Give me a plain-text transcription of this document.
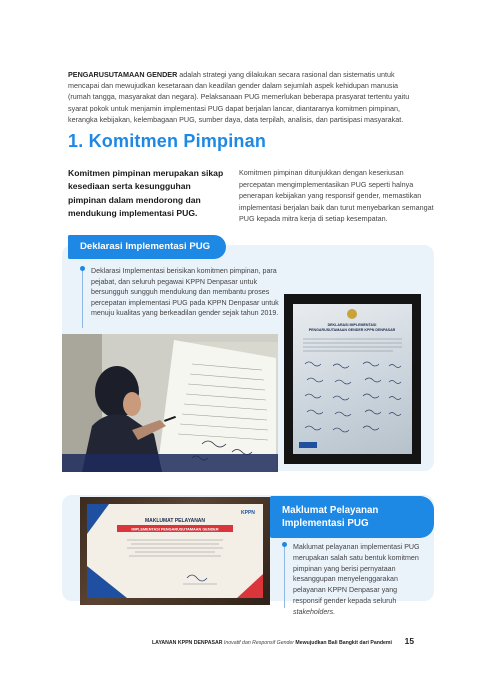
PENGARUSUTAMAAN GENDER adalah strategi yang dilakukan secara rasional dan sistematis untuk mencapai dan mewujudkan kesetaraan dan keadilan gender dalam sejumlah aspek kehidupan manusia (rumah tangga, masyarakat dan negara). Pelaksanaan PUG memerlukan beberapa prasyarat tertentu yaitu syarat pokok untuk menjamin implementasi PUG dapat berjalan lancar, diantaranya komitmen pimpinan, kerangka kebijakan, kelembagaan PUG, sumber daya, data terpilah, analisis, dan partisipasi masyarakat.

1. Komitmen Pimpinan

Komitmen pimpinan merupakan sikap kesediaan serta kesungguhan pimpinan dalam mendorong dan mendukung implementasi PUG.

Komitmen pimpinan ditunjukkan dengan keseriusan percepatan mengimplementasikan PUG seperti halnya penerapan kebijakan yang responsif gender, memastikan implementasi berjalan baik dan turut menyebarkan semangat PUG kepada mitra kerja di setiap kesempatan.

Deklarasi Implementasi PUG

Deklarasi Implementasi berisikan komitmen pimpinan, para pejabat, dan seluruh pegawai KPPN Denpasar untuk bersungguh sungguh mendukung dan membantu proses percepatan implementasi PUG pada KPPN Denpasar untuk menuju kualitas yang berkeadilan gender sejak tahun 2019.

DEKLARASI IMPLEMENTASI
PENGARUSUTAMAAN GENDER KPPN DENPASAR
KPPN
MAKLUMAT PELAYANAN
IMPLEMENTASI PENGARUSUTAMAAN GENDER
Maklumat Pelayanan
Implementasi PUG

Maklumat pelayanan implementasi PUG merupakan salah satu bentuk komitmen pimpinan yang berisi pernyataan kesanggupan menyelenggarakan pelayanan KPPN Denpasar yang responsif gender kepada seluruh stakeholders.

LAYANAN KPPN DENPASAR Inovatif dan Responsif Gender Mewujudkan Bali Bangkit dari Pandemi 15
